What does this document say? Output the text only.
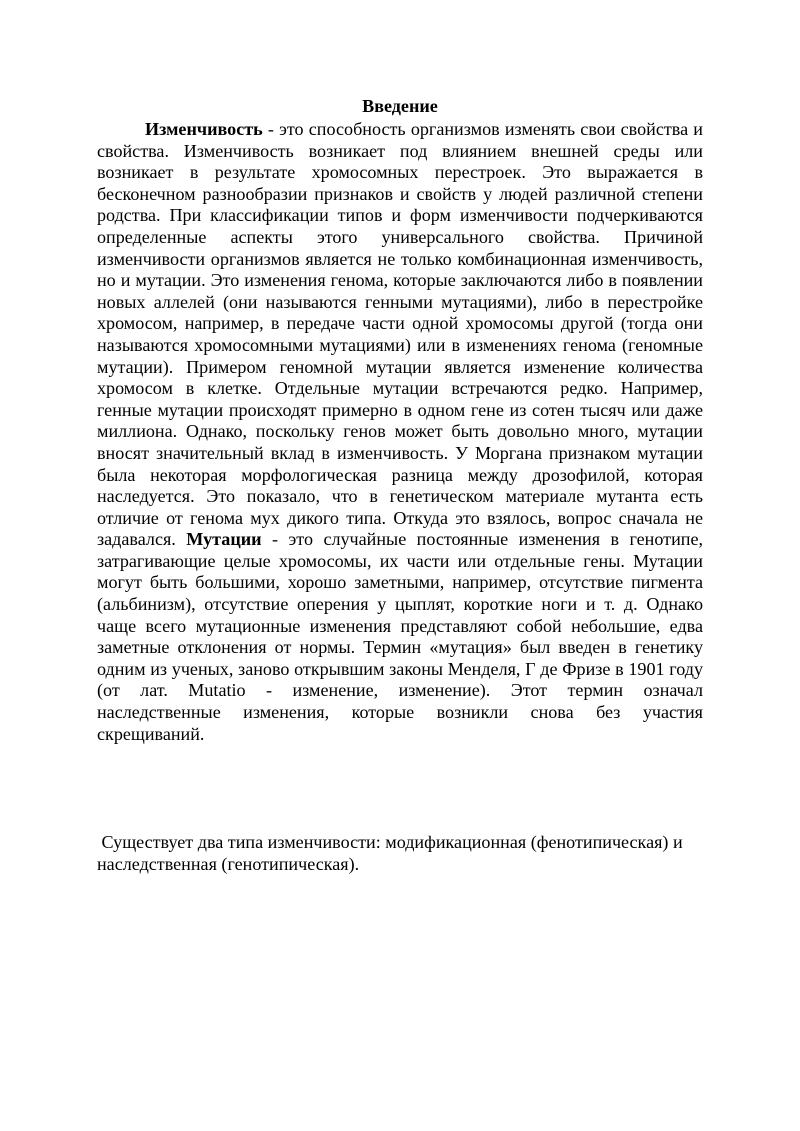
Введение

Изменчивость - это способность организмов изменять свои свойства и свойства. Изменчивость возникает под влиянием внешней среды или возникает в результате хромосомных перестроек. Это выражается в бесконечном разнообразии признаков и свойств у людей различной степени родства. При классификации типов и форм изменчивости подчеркиваются определенные аспекты этого универсального свойства. Причиной изменчивости организмов является не только комбинационная изменчивость, но и мутации. Это изменения генома, которые заключаются либо в появлении новых аллелей (они называются генными мутациями), либо в перестройке хромосом, например, в передаче части одной хромосомы другой (тогда они называются хромосомными мутациями) или в изменениях генома (геномные мутации). Примером геномной мутации является изменение количества хромосом в клетке. Отдельные мутации встречаются редко. Например, генные мутации происходят примерно в одном гене из сотен тысяч или даже миллиона. Однако, поскольку генов может быть довольно много, мутации вносят значительный вклад в изменчивость. У Моргана признаком мутации была некоторая морфологическая разница между дрозофилой, которая наследуется. Это показало, что в генетическом материале мутанта есть отличие от генома мух дикого типа. Откуда это взялось, вопрос сначала не задавался. Мутации - это случайные постоянные изменения в генотипе, затрагивающие целые хромосомы, их части или отдельные гены. Мутации могут быть большими, хорошо заметными, например, отсутствие пигмента (альбинизм), отсутствие оперения у цыплят, короткие ноги и т. д. Однако чаще всего мутационные изменения представляют собой небольшие, едва заметные отклонения от нормы. Термин «мутация» был введен в генетику одним из ученых, заново открывшим законы Менделя, Г де Фризе в 1901 году (от лат. Mutatio - изменение, изменение). Этот термин означал наследственные изменения, которые возникли снова без участия скрещиваний.

Существует два типа изменчивости: модификационная (фенотипическая) и наследственная (генотипическая).
